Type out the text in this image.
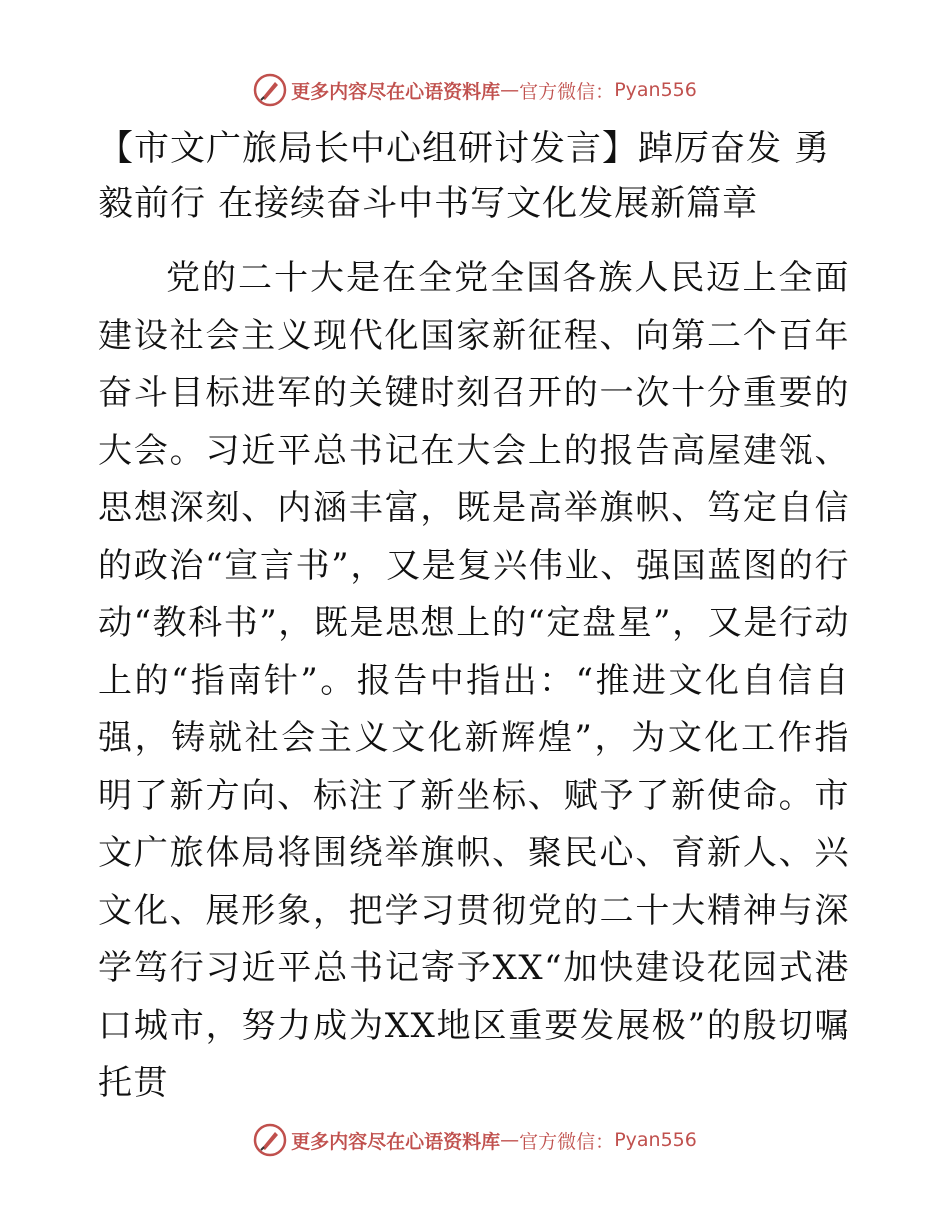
更多内容尽在心语资料库 — 官方微信： Pyan556
【市文广旅局长中心组研讨发言】踔厉奋发 勇毅前行 在接续奋斗中书写文化发展新篇章

党的二十大是在全党全国各族人民迈上全面建设社会主义现代化国家新征程、向第二个百年奋斗目标进军的关键时刻召开的一次十分重要的大会。习近平总书记在大会上的报告高屋建瓴、思想深刻、内涵丰富，既是高举旗帜、笃定自信的政治“宣言书”，又是复兴伟业、强国蓝图的行动“教科书”，既是思想上的“定盘星”，又是行动上的“指南针”。报告中指出：“推进文化自信自强，铸就社会主义文化新辉煌”，为文化工作指明了新方向、标注了新坐标、赋予了新使命。市文广旅体局将围绕举旗帜、聚民心、育新人、兴文化、展形象，把学习贯彻党的二十大精神与深学笃行习近平总书记寄予XX“加快建设花园式港口城市，努力成为XX地区重要发展极”的殷切嘱托贯

更多内容尽在心语资料库 — 官方微信： Pyan556
